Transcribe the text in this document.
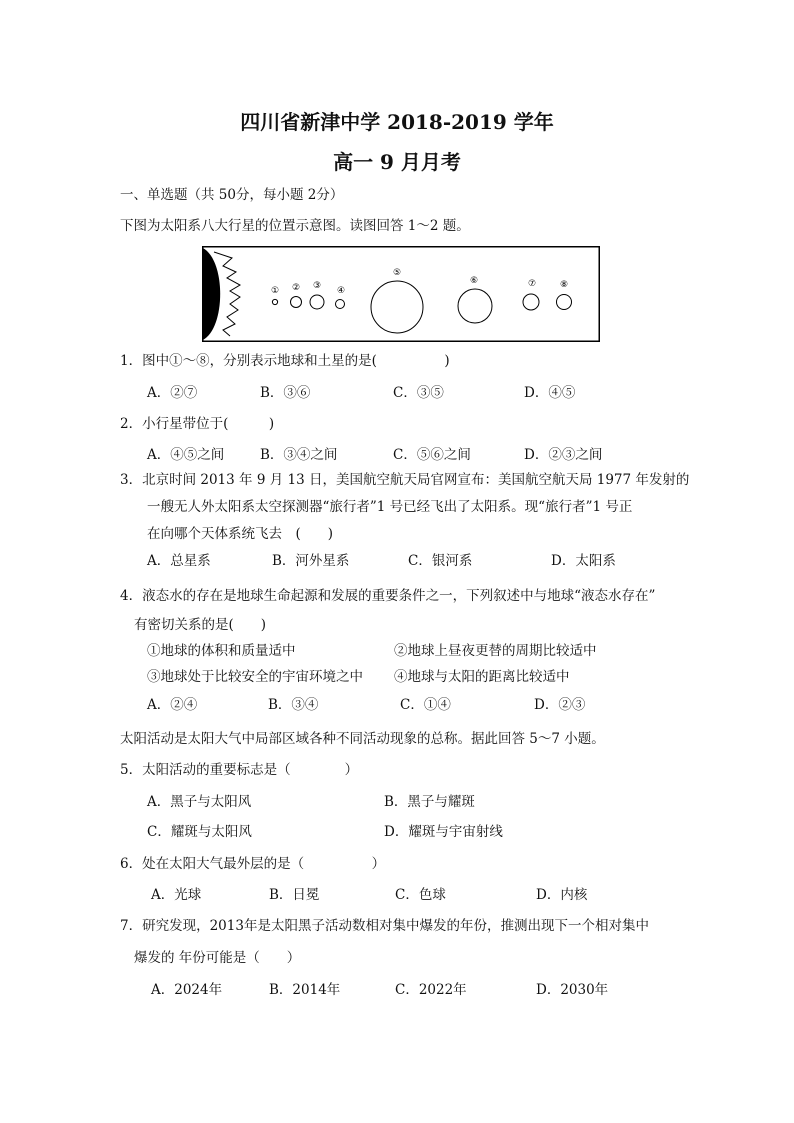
四川省新津中学 2018-2019 学年
高一 9 月月考
一、单选题（共 50分，每小题 2分）
下图为太阳系八大行星的位置示意图。读图回答 1～2 题。
① ② ③ ④
⑤
⑥	⑦	⑧
1．图中①～⑧，分别表示地球和土星的是(　　　　　)
A．②⑦	B．③⑥	C．③⑤	D．④⑤
2．小行星带位于(　　　)
A．④⑤之间	B．③④之间	C．⑤⑥之间	D．②③之间
3．北京时间 2013 年 9 月 13 日，美国航空航天局官网宣布：美国航空航天局 1977 年发射的
一艘无人外太阳系太空探测器“旅行者”1 号已经飞出了太阳系。现“旅行者”1 号正
在向哪个天体系统飞去　(　　)
A．总星系	B．河外星系	C．银河系	D．太阳系
4．液态水的存在是地球生命起源和发展的重要条件之一，下列叙述中与地球“液态水存在”
有密切关系的是(　　)
①地球的体积和质量适中	②地球上昼夜更替的周期比较适中
③地球处于比较安全的宇宙环境之中 ④地球与太阳的距离比较适中
A．②④	B．③④	C．①④	D．②③
太阳活动是太阳大气中局部区域各种不同活动现象的总称。据此回答 5～7 小题。
5．太阳活动的重要标志是（　　　　）
A．黑子与太阳风	B．黑子与耀斑
C．耀斑与太阳风	D．耀斑与宇宙射线
6．处在太阳大气最外层的是（　　　　　）
A．光球	B．日冕	C．色球	D．内核
7．研究发现，2013年是太阳黑子活动数相对集中爆发的年份，推测出现下一个相对集中
爆发的 年份可能是（　　）
A．2024年	B．2014年	C．2022年	D．2030年
